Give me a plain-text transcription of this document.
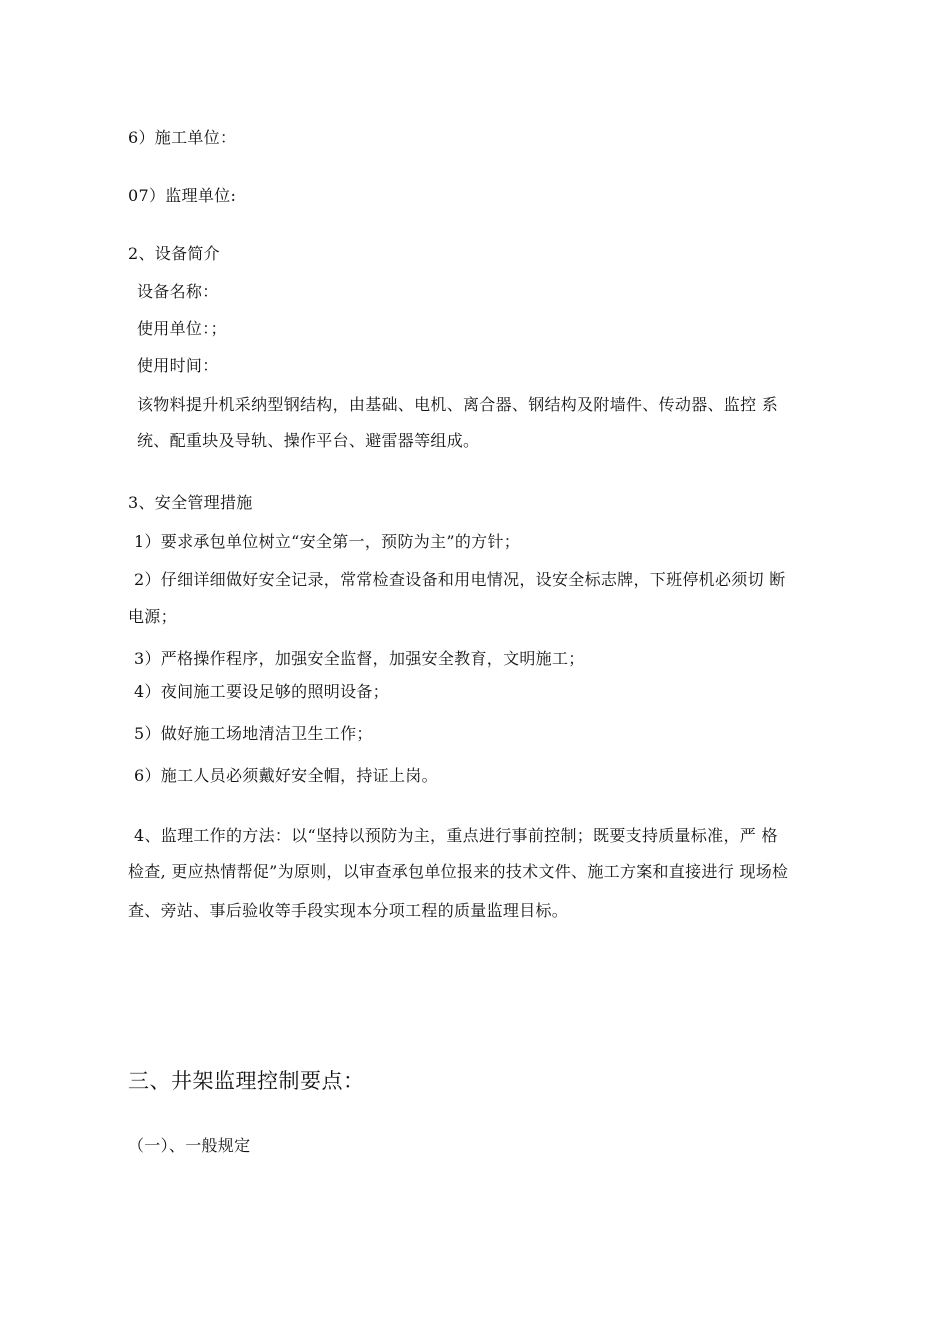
6）施工单位：
07）监理单位:
2、设备简介
设备名称：
使用单位：；
使用时间：
该物料提升机采纳型钢结构，由基础、电机、离合器、钢结构及附墙件、传动器、监控 系
统、配重块及导轨、操作平台、避雷器等组成。
3、安全管理措施
1）要求承包单位树立“安全第一，预防为主”的方针；
2）仔细详细做好安全记录，常常检查设备和用电情况，设安全标志牌，下班停机必须切 断
电源；
3）严格操作程序，加强安全监督，加强安全教育，文明施工；
4）夜间施工要设足够的照明设备；
5）做好施工场地清洁卫生工作；
6）施工人员必须戴好安全帽，持证上岗。
4、监理工作的方法：以“坚持以预防为主，重点进行事前控制；既要支持质量标准，严 格
检查, 更应热情帮促”为原则，以审查承包单位报来的技术文件、施工方案和直接进行 现场检
查、旁站、事后验收等手段实现本分项工程的质量监理目标。
三、井架监理控制要点：
（一）、一般规定
